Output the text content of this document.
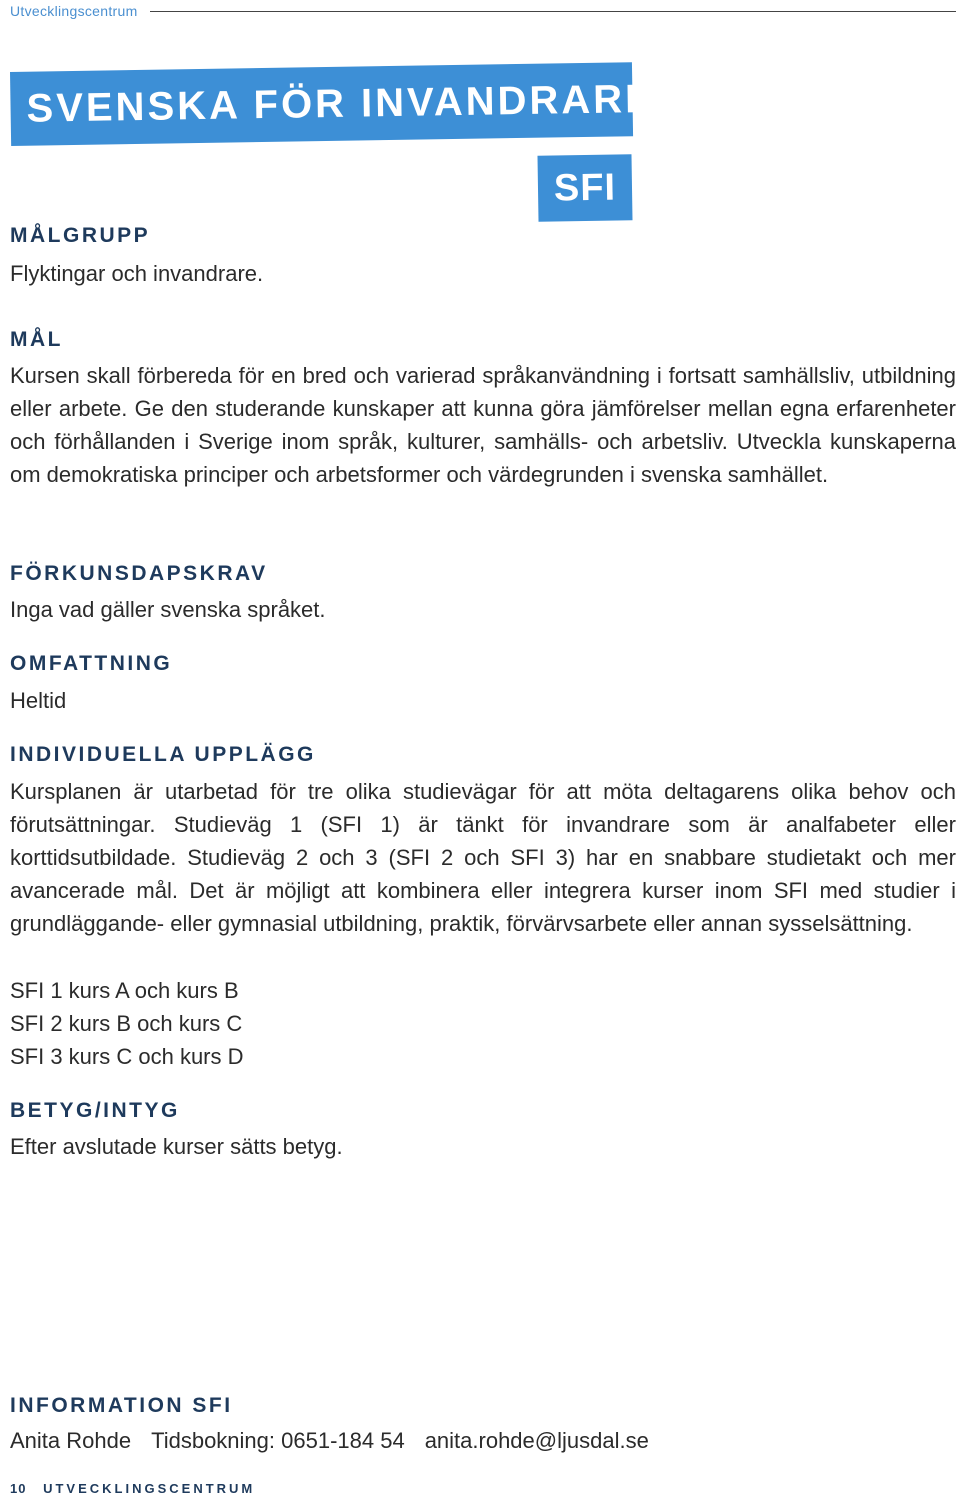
Utvecklingscentrum
SVENSKA FÖR INVANDRARE
SFI
MÅLGRUPP

Flyktingar och invandrare.

MÅL

Kursen skall förbereda för en bred och varierad språkanvändning i fortsatt samhällsliv, utbildning eller arbete. Ge den studerande kunskaper att kunna göra jämförelser mellan egna erfarenheter och förhållanden i Sverige inom språk, kulturer, samhälls- och arbetsliv. Utveckla kunskaperna om demokratiska principer och arbetsformer och värdegrunden i svenska samhället.

FÖRKUNSDAPSKRAV

Inga vad gäller svenska språket.

OMFATTNING

Heltid

INDIVIDUELLA UPPLÄGG

Kursplanen är utarbetad för tre olika studievägar för att möta deltagarens olika behov och förutsättningar. Studieväg 1 (SFI 1) är tänkt för invandrare som är analfabeter eller korttidsutbildade. Studieväg 2 och 3 (SFI 2 och SFI 3) har en snabbare studietakt och mer avancerade mål. Det är möjligt att kombinera eller integrera kurser inom SFI med studier i grundläggande- eller gymnasial utbildning, praktik, förvärvsarbete eller annan sysselsättning.

SFI 1 kurs A och kurs B

SFI 2 kurs B och kurs C

SFI 3 kurs C och kurs D

BETYG/INTYG

Efter avslutade kurser sätts betyg.

INFORMATION SFI
Anita Rohde Tidsbokning: 0651-184 54 anita.rohde@ljusdal.se
10 UTVECKLINGSCENTRUM
